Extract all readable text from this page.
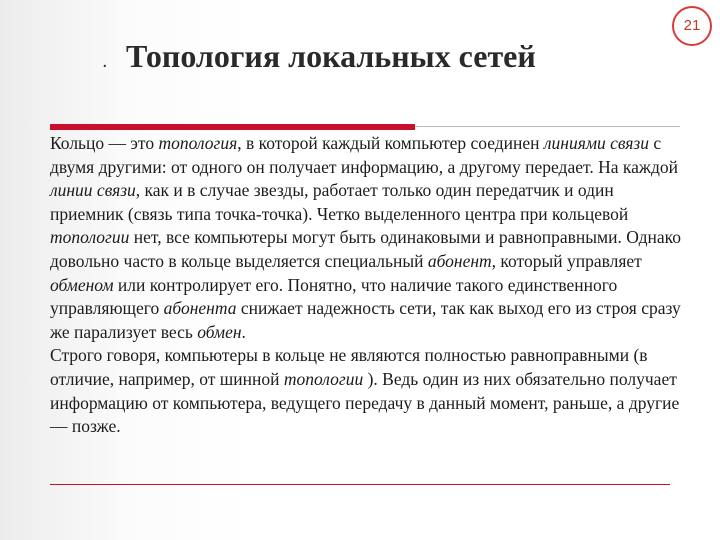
21
. Топология локальных сетей

Кольцо — это топология, в которой каждый компьютер соединен линиями связи с двумя другими: от одного он получает информацию, а другому передает. На каждой линии связи, как и в случае звезды, работает только один передатчик и один приемник (связь типа точка-точка). Четко выделенного центра при кольцевой топологии нет, все компьютеры могут быть одинаковыми и равноправными. Однако довольно часто в кольце выделяется специальный абонент, который управляет обменом или контролирует его. Понятно, что наличие такого единственного управляющего абонента снижает надежность сети, так как выход его из строя сразу же парализует весь обмен.

Строго говоря, компьютеры в кольце не являются полностью равноправными (в отличие, например, от шинной топологии ). Ведь один из них обязательно получает информацию от компьютера, ведущего передачу в данный момент, раньше, а другие — позже.
